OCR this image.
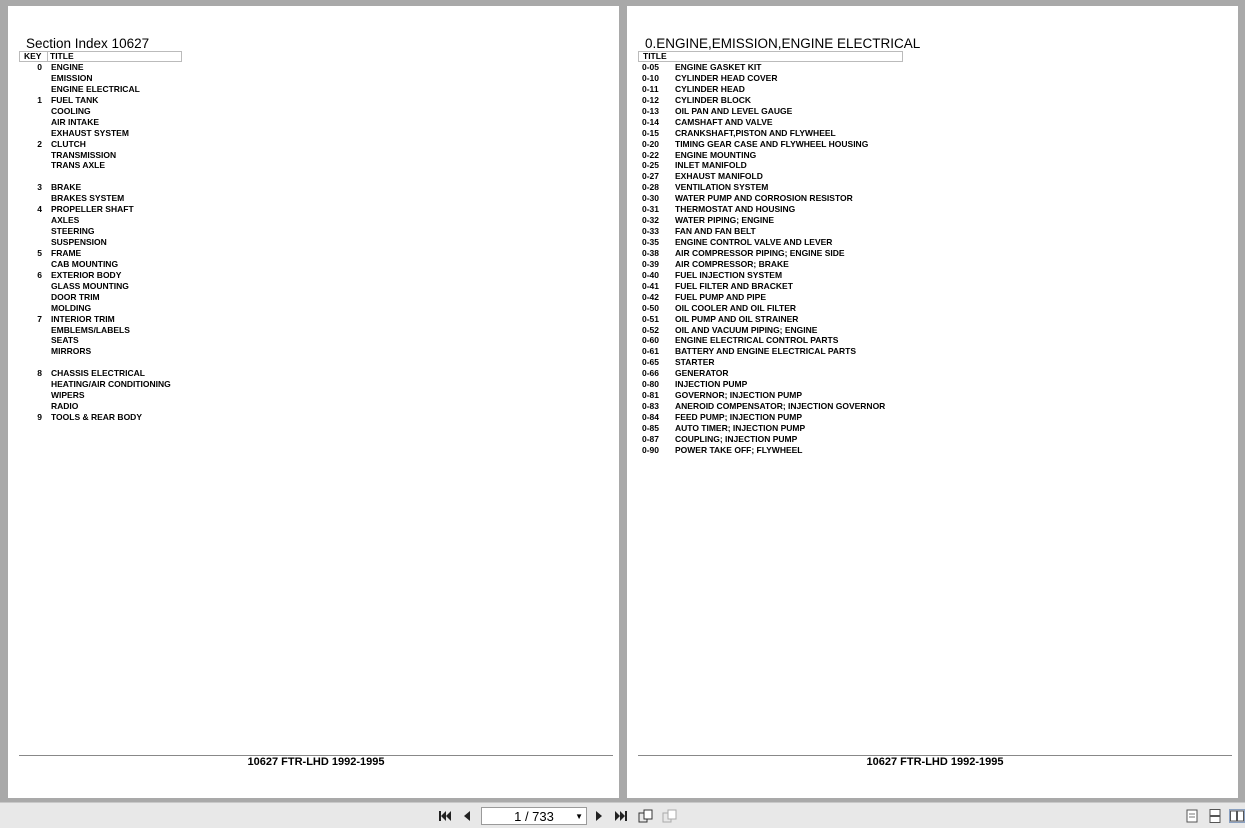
Section Index 10627
KEY TITLE
0 ENGINE
EMISSION
ENGINE ELECTRICAL
1 FUEL TANK
COOLING
AIR INTAKE
EXHAUST SYSTEM
2 CLUTCH
TRANSMISSION
TRANS AXLE
3 BRAKE
BRAKES SYSTEM
4 PROPELLER SHAFT
AXLES
STEERING
SUSPENSION
5 FRAME
CAB MOUNTING
6 EXTERIOR BODY
GLASS MOUNTING
DOOR TRIM
MOLDING
7 INTERIOR TRIM
EMBLEMS/LABELS
SEATS
MIRRORS
8 CHASSIS ELECTRICAL
HEATING/AIR CONDITIONING
WIPERS
RADIO
9 TOOLS & REAR BODY
10627 FTR-LHD 1992-1995
0.ENGINE,EMISSION,ENGINE ELECTRICAL
TITLE
0-05	ENGINE GASKET KIT
0-10	CYLINDER HEAD COVER
0-11	CYLINDER HEAD
0-12	CYLINDER BLOCK
0-13	OIL PAN AND LEVEL GAUGE
0-14	CAMSHAFT AND VALVE
0-15	CRANKSHAFT,PISTON AND FLYWHEEL
0-20	TIMING GEAR CASE AND FLYWHEEL HOUSING
0-22	ENGINE MOUNTING
0-25	INLET MANIFOLD
0-27	EXHAUST MANIFOLD
0-28	VENTILATION SYSTEM
0-30	WATER PUMP AND CORROSION RESISTOR
0-31	THERMOSTAT AND HOUSING
0-32	WATER PIPING; ENGINE
0-33	FAN AND FAN BELT
0-35	ENGINE CONTROL VALVE AND LEVER
0-38	AIR COMPRESSOR PIPING; ENGINE SIDE
0-39	AIR COMPRESSOR; BRAKE
0-40	FUEL INJECTION SYSTEM
0-41	FUEL FILTER AND BRACKET
0-42	FUEL PUMP AND PIPE
0-50	OIL COOLER AND OIL FILTER
0-51	OIL PUMP AND OIL STRAINER
0-52	OIL AND VACUUM PIPING; ENGINE
0-60	ENGINE ELECTRICAL CONTROL PARTS
0-61	BATTERY AND ENGINE ELECTRICAL PARTS
0-65	STARTER
0-66	GENERATOR
0-80	INJECTION PUMP
0-81	GOVERNOR; INJECTION PUMP
0-83	ANEROID COMPENSATOR; INJECTION GOVERNOR
0-84	FEED PUMP; INJECTION PUMP
0-85	AUTO TIMER; INJECTION PUMP
0-87	COUPLING; INJECTION PUMP
0-90	POWER TAKE OFF; FLYWHEEL
10627 FTR-LHD 1992-1995
1 / 733	▼
